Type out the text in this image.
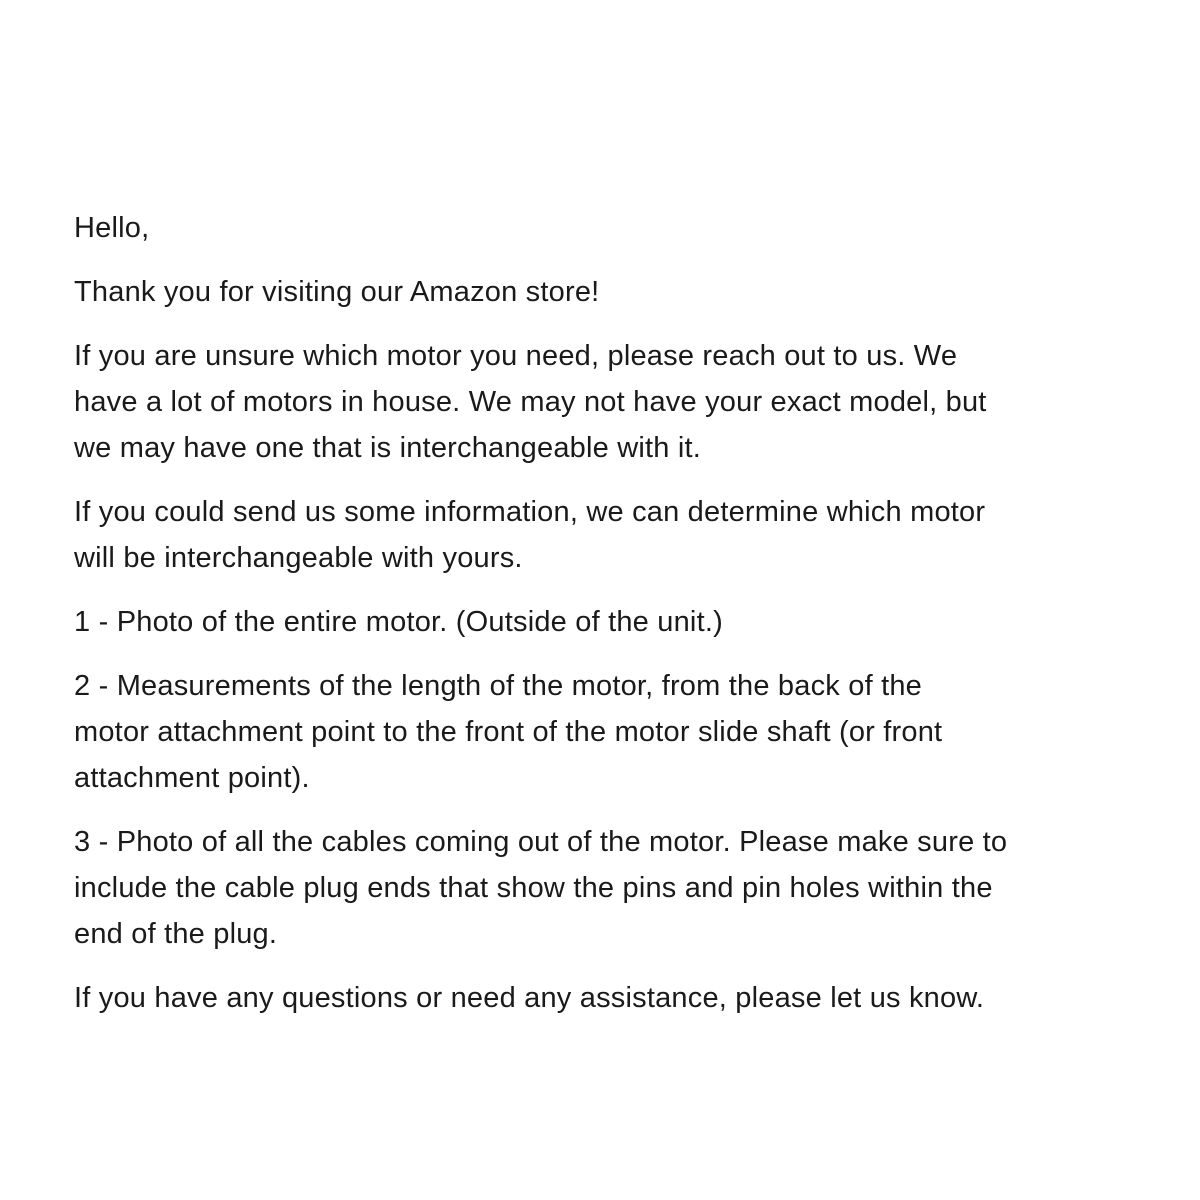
Hello,

Thank you for visiting our Amazon store!

If you are unsure which motor you need, please reach out to us. We
have a lot of motors in house. We may not have your exact model, but
we may have one that is interchangeable with it.

If you could send us some information, we can determine which motor
will be interchangeable with yours.

1 - Photo of the entire motor. (Outside of the unit.)

2 - Measurements of the length of the motor, from the back of the
motor attachment point to the front of the motor slide shaft (or front
attachment point).

3 - Photo of all the cables coming out of the motor. Please make sure to
include the cable plug ends that show the pins and pin holes within the
end of the plug.

If you have any questions or need any assistance, please let us know.
